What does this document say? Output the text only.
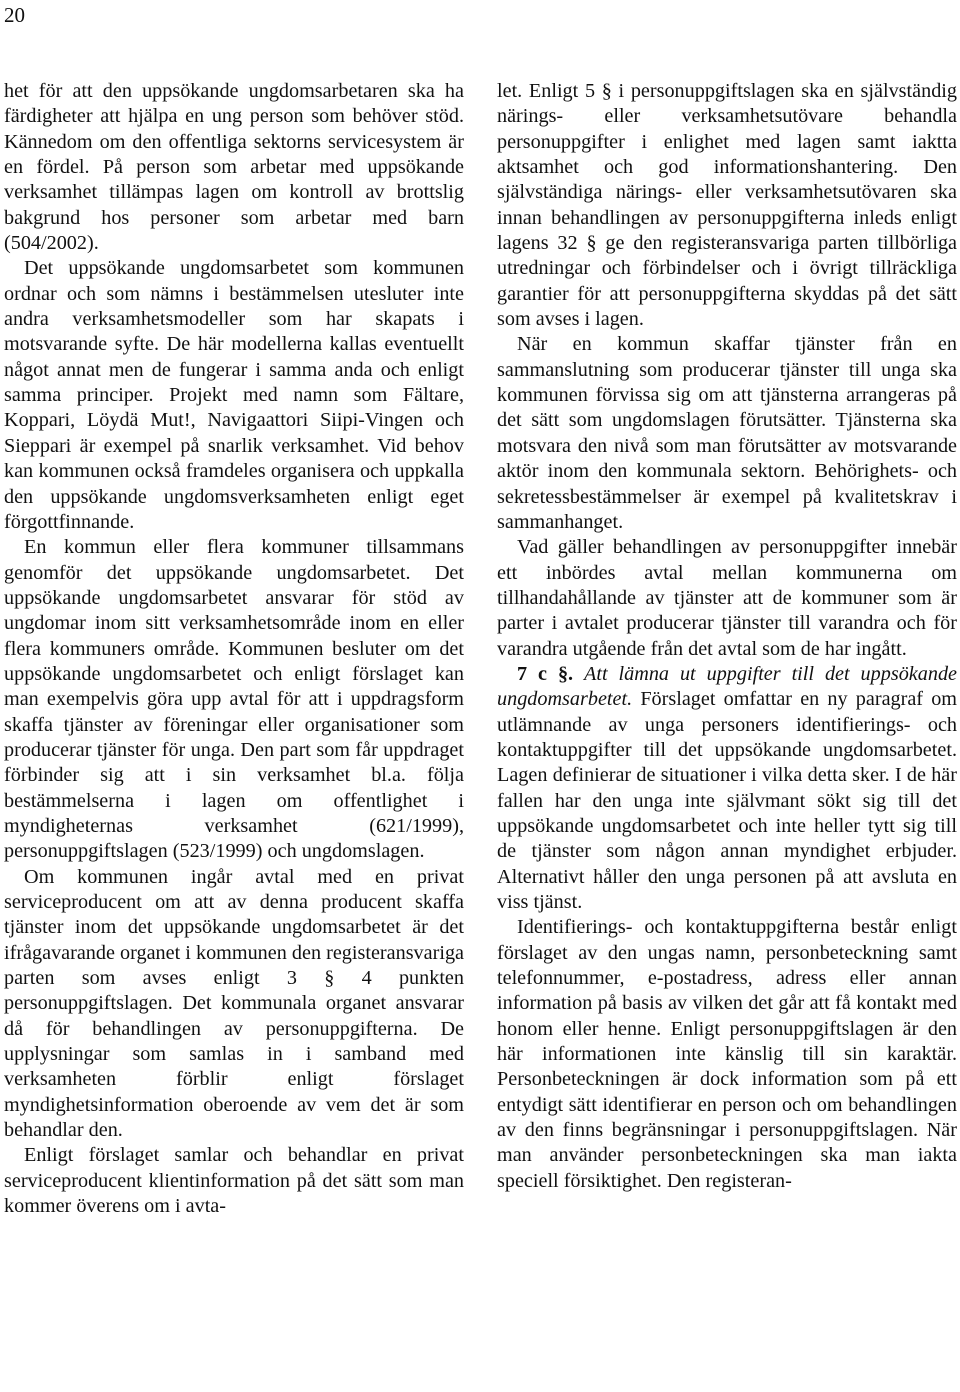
20

het för att den uppsökande ungdomsarbetaren ska ha färdigheter att hjälpa en ung person som behöver stöd. Kännedom om den offentliga sektorns servicesystem är en fördel. På person som arbetar med uppsökande verksamhet tillämpas lagen om kontroll av brottslig bakgrund hos personer som arbetar med barn (504/2002).

Det uppsökande ungdomsarbetet som kommunen ordnar och som nämns i bestämmelsen utesluter inte andra verksamhetsmodeller som har skapats i motsvarande syfte. De här modellerna kallas eventuellt något annat men de fungerar i samma anda och enligt samma principer. Projekt med namn som Fältare, Koppari, Löydä Mut!, Navigaattori Siipi-Vingen och Sieppari är exempel på snarlik verksamhet. Vid behov kan kommunen också framdeles organisera och uppkalla den uppsökande ungdomsverksamheten enligt eget förgottfinnande.

En kommun eller flera kommuner tillsammans genomför det uppsökande ungdomsarbetet. Det uppsökande ungdomsarbetet ansvarar för stöd av ungdomar inom sitt verksamhetsområde inom en eller flera kommuners område. Kommunen besluter om det uppsökande ungdomsarbetet och enligt förslaget kan man exempelvis göra upp avtal för att i uppdragsform skaffa tjänster av föreningar eller organisationer som producerar tjänster för unga. Den part som får uppdraget förbinder sig att i sin verksamhet bl.a. följa bestämmelserna i lagen om offentlighet i myndigheternas verksamhet (621/1999), personuppgiftslagen (523/1999) och ungdomslagen.

Om kommunen ingår avtal med en privat serviceproducent om att av denna producent skaffa tjänster inom det uppsökande ungdomsarbetet är det ifrågavarande organet i kommunen den registeransvariga parten som avses enligt 3 § 4 punkten personuppgiftslagen. Det kommunala organet ansvarar då för behandlingen av personuppgifterna. De upplysningar som samlas in i samband med verksamheten förblir enligt förslaget myndighetsinformation oberoende av vem det är som behandlar den.

Enligt förslaget samlar och behandlar en privat serviceproducent klientinformation på det sätt som man kommer överens om i avta-

let. Enligt 5 § i personuppgiftslagen ska en självständig närings- eller verksamhetsutövare behandla personuppgifter i enlighet med lagen samt iaktta aktsamhet och god informationshantering. Den självständiga närings- eller verksamhetsutövaren ska innan behandlingen av personuppgifterna inleds enligt lagens 32 § ge den registeransvariga parten tillbörliga utredningar och förbindelser och i övrigt tillräckliga garantier för att personuppgifterna skyddas på det sätt som avses i lagen.

När en kommun skaffar tjänster från en sammanslutning som producerar tjänster till unga ska kommunen förvissa sig om att tjänsterna arrangeras på det sätt som ungdomslagen förutsätter. Tjänsterna ska motsvara den nivå som man förutsätter av motsvarande aktör inom den kommunala sektorn. Behörighets- och sekretessbestämmelser är exempel på kvalitetskrav i sammanhanget.

Vad gäller behandlingen av personuppgifter innebär ett inbördes avtal mellan kommunerna om tillhandahållande av tjänster att de kommuner som är parter i avtalet producerar tjänster till varandra och för varandra utgående från det avtal som de har ingått.

7 c §. Att lämna ut uppgifter till det uppsökande ungdomsarbetet. Förslaget omfattar en ny paragraf om utlämnande av unga personers identifierings- och kontaktuppgifter till det uppsökande ungdomsarbetet. Lagen definierar de situationer i vilka detta sker. I de här fallen har den unga inte självmant sökt sig till det uppsökande ungdomsarbetet och inte heller tytt sig till de tjänster som någon annan myndighet erbjuder. Alternativt håller den unga personen på att avsluta en viss tjänst.

Identifierings- och kontaktuppgifterna består enligt förslaget av den ungas namn, personbeteckning samt telefonnummer, e-postadress, adress eller annan information på basis av vilken det går att få kontakt med honom eller henne. Enligt personuppgiftslagen är den här informationen inte känslig till sin karaktär. Personbeteckningen är dock information som på ett entydigt sätt identifierar en person och om behandlingen av den finns begränsningar i personuppgiftslagen. När man använder personbeteckningen ska man iakta speciell försiktighet. Den registeran-
